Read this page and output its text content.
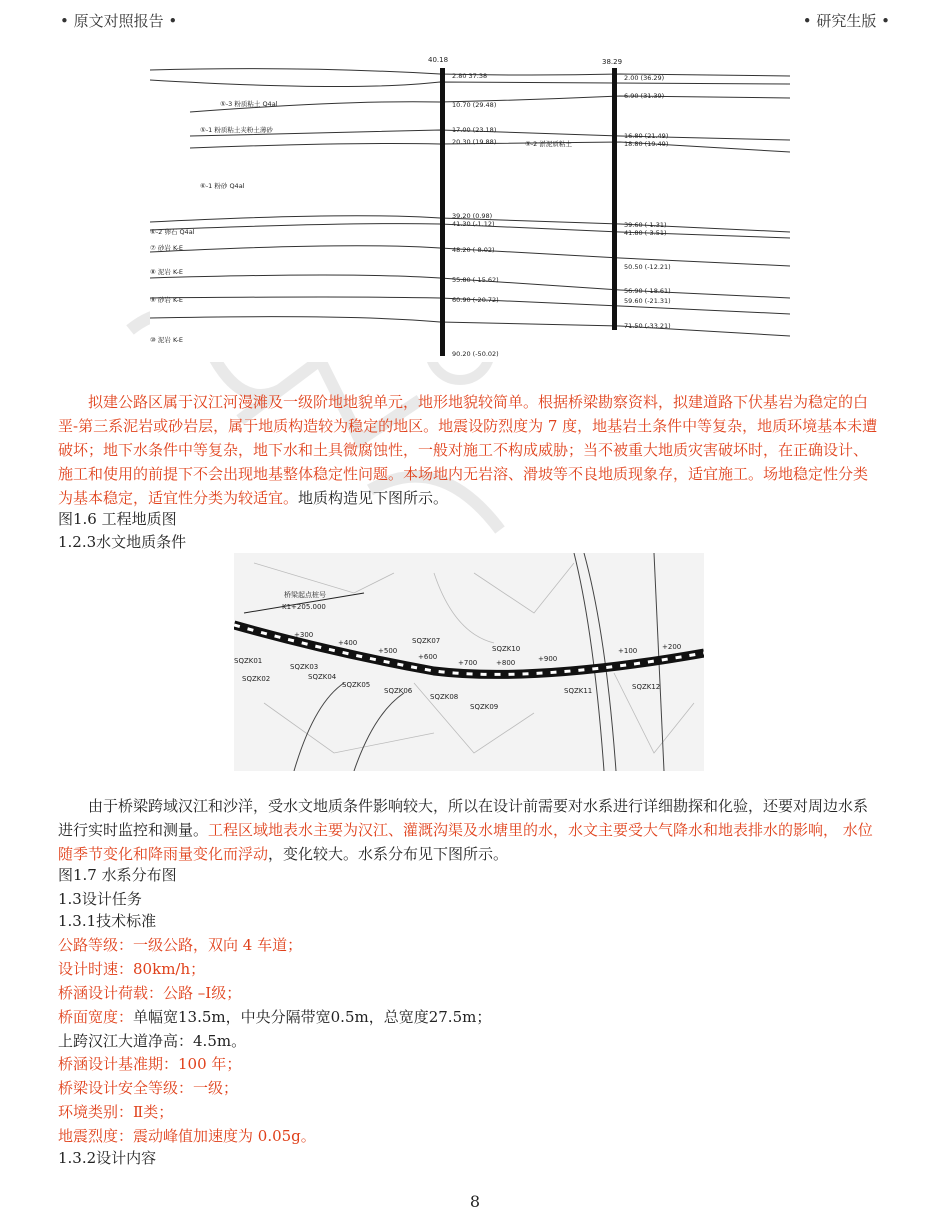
• 原文对照报告 •	• 研究生版 •
40.18	38.29
2.80 37.38
10.70 (29.48)
17.00 (23.18)
20.30 (19.88)
39.20 (0.98)
41.30 (-1.12)
48.20 (-8.02)
55.80 (-15.62)
60.90 (-20.72)
90.20 (-50.02)
2.00 (36.29)
6.90 (31.39)
16.80 (21.49)
18.80 (19.49)
39.60 (-1.31)
41.80 (-3.51)
50.50 (-12.21)
56.90 (-18.61)
59.60 (-21.31)
71.50 (-33.21)
⑤-3 粉质粘土 Q4al
⑤-1 粉质粘土夹粉土薄砂
⑤-2 淤泥质粘土
⑥-1 粉砂 Q4al
⑥-2 卵石 Q4al
⑦ 砂岩 K-E
⑧ 泥岩 K-E
⑨ 砂岩 K-E
⑩ 泥岩 K-E
拟建公路区属于汉江河漫滩及一级阶地地貌单元，地形地貌较简单。根据桥梁勘察资料，拟建道路下伏基岩为稳定的白垩-第三系泥岩或砂岩层，属于地质构造较为稳定的地区。地震设防烈度为 7 度，地基岩土条件中等复杂，地质环境基本未遭破坏；地下水条件中等复杂，地下水和土具微腐蚀性，一般对施工不构成威胁；当不被重大地质灾害破坏时，在正确设计、施工和使用的前提下不会出现地基整体稳定性问题。本场地内无岩溶、滑坡等不良地质现象存，适宜施工。场地稳定性分类为基本稳定，适宜性分类为较适宜。地质构造见下图所示。
图1.6 工程地质图
1.2.3水文地质条件
桥梁起点桩号
K1+205.000
+300
+400
+500
+600
+700	+800	+900
+100	+200
SQZK01
SQZK02
SQZK03
SQZK04
SQZK05
SQZK06
SQZK07
SQZK08
SQZK09
SQZK10
SQZK11	SQZK12
由于桥梁跨域汉江和沙洋，受水文地质条件影响较大，所以在设计前需要对水系进行详细勘探和化验，还要对周边水系进行实时监控和测量。工程区域地表水主要为汉江、灌溉沟渠及水塘里的水，水文主要受大气降水和地表排水的影响， 水位随季节变化和降雨量变化而浮动，变化较大。水系分布见下图所示。
图1.7 水系分布图
1.3设计任务
1.3.1技术标准
公路等级：一级公路，双向 4 车道；
设计时速：80km/h；
桥涵设计荷载：公路 –Ⅰ级；
桥面宽度：单幅宽13.5m，中央分隔带宽0.5m，总宽度27.5m；
上跨汉江大道净高：4.5m。
桥涵设计基准期：100 年；
桥梁设计安全等级：一级；
环境类别：Ⅱ类；
地震烈度：震动峰值加速度为 0.05g。
1.3.2设计内容
8
